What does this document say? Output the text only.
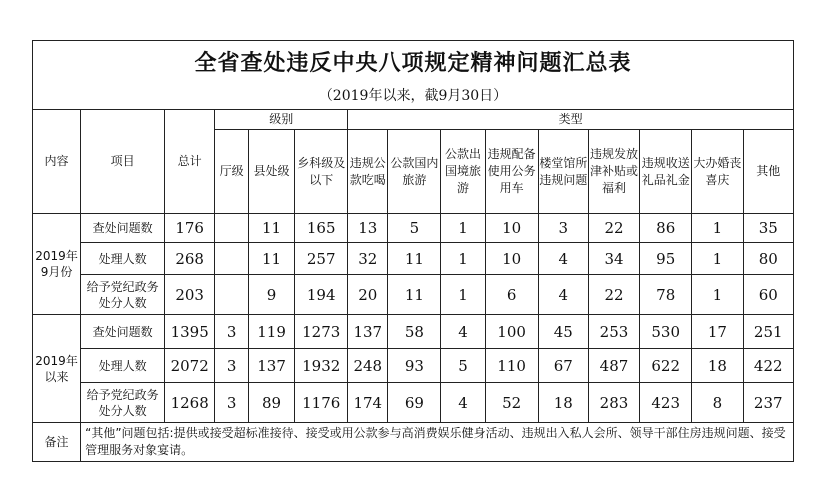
全省查处违反中央八项规定精神问题汇总表														
（2019年以来，截9月30日）														
内容	项目	总计	级别			类型								
			厅级	县处级	乡科级及以下	违规公款吃喝	公款国内旅游	公款出国境旅游	违规配备使用公务用车	楼堂馆所违规问题	违规发放津补贴或福利	违规收送礼品礼金	大办婚丧喜庆	其他
2019年9月份	查处问题数	176		11	165	13	5	1	10	3	22	86	1	35
	处理人数	268		11	257	32	11	1	10	4	34	95	1	80
	给予党纪政务处分人数	203		9	194	20	11	1	6	4	22	78	1	60
2019年以来	查处问题数	1395	3	119	1273	137	58	4	100	45	253	530	17	251
	处理人数	2072	3	137	1932	248	93	5	110	67	487	622	18	422
	给予党纪政务处分人数	1268	3	89	1176	174	69	4	52	18	283	423	8	237
备注	“其他”问题包括:提供或接受超标准接待、接受或用公款参与高消费娱乐健身活动、违规出入私人会所、领导干部住房违规问题、接受管理服务对象宴请。													
